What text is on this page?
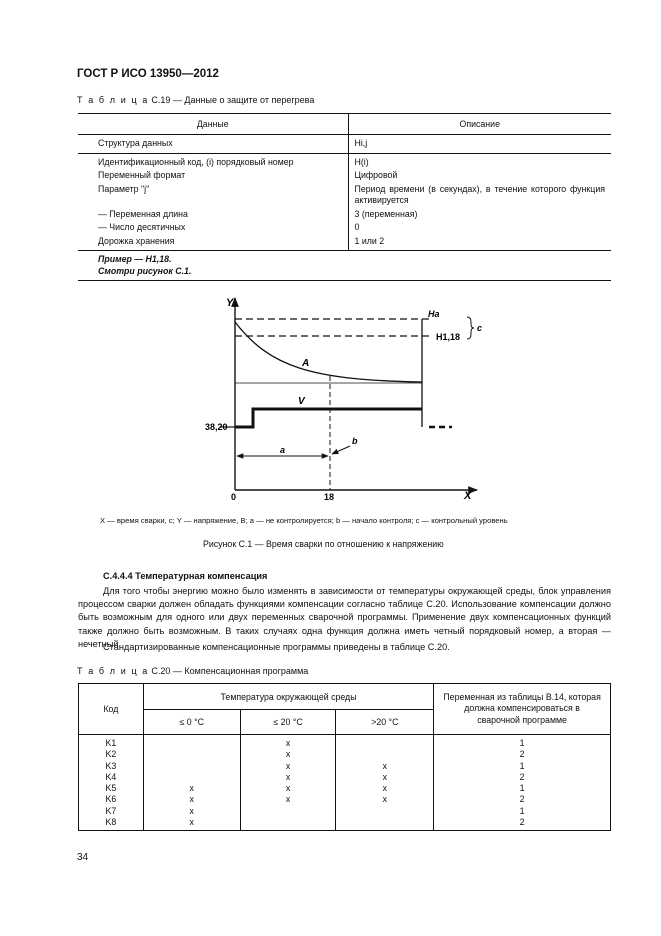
ГОСТ Р ИСО 13950—2012
Т а б л и ц а С.19 — Данные о защите от перегрева
Данные	Описание
Структура данных	Hi,j
Идентификационный код, (i) порядковый номер	H(i)
Переменный формат	Цифровой
Параметр "j"	Период времени (в секундах), в течение которого функция активируется
— Переменная длина	3 (переменная)
— Число десятичных	0
Дорожка хранения	1 или 2

Пример — H1,18.
Смотри рисунок С.1.	
Y
X
Ha
H1,18
c
A
V
38,20
a
b
0	18
X — время сварки, с; Y — напряжение, В; a — не контролируется; b — начало контроля; c — контрольный уровень
Рисунок С.1 — Время сварки по отношению к напряжению
С.4.4.4 Температурная компенсация
Для того чтобы энергию можно было изменять в зависимости от температуры окружающей среды, блок управления процессом сварки должен обладать функциями компенсации согласно таблице С.20. Использование компенсации должно быть возможным для одного или двух переменных сварочной программы. Применение двух компенсационных функций также должно быть возможным. В таких случаях одна функция должна иметь четный порядковый номер, а вторая — нечетный.
Стандартизированные компенсационные программы приведены в таблице С.20.
Т а б л и ц а С.20 — Компенсационная программа
Код	Температура окружающей среды			Переменная из таблицы В.14, которая должна компенсироваться в сварочной программе
	≤ 0 °C	≤ 20 °C	>20 °C	
K1		x		1
K2		x		2
K3		x	x	1
K4		x	x	2
K5	x	x	x	1
K6	x	x	x	2
K7	x			1
K8	x			2
34
